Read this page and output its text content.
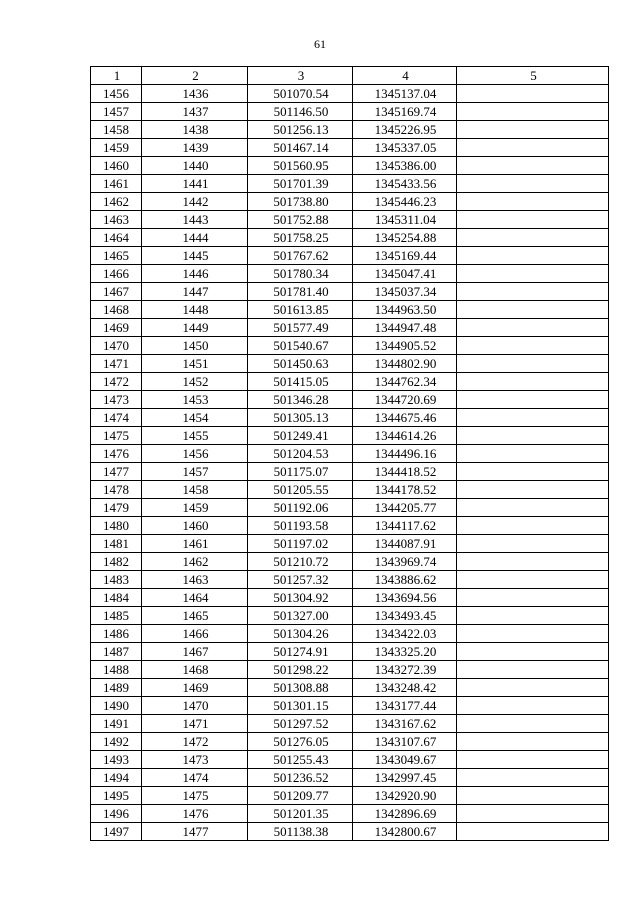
61
1	2	3	4	5
1456	1436	501070.54	1345137.04	
1457	1437	501146.50	1345169.74	
1458	1438	501256.13	1345226.95	
1459	1439	501467.14	1345337.05	
1460	1440	501560.95	1345386.00	
1461	1441	501701.39	1345433.56	
1462	1442	501738.80	1345446.23	
1463	1443	501752.88	1345311.04	
1464	1444	501758.25	1345254.88	
1465	1445	501767.62	1345169.44	
1466	1446	501780.34	1345047.41	
1467	1447	501781.40	1345037.34	
1468	1448	501613.85	1344963.50	
1469	1449	501577.49	1344947.48	
1470	1450	501540.67	1344905.52	
1471	1451	501450.63	1344802.90	
1472	1452	501415.05	1344762.34	
1473	1453	501346.28	1344720.69	
1474	1454	501305.13	1344675.46	
1475	1455	501249.41	1344614.26	
1476	1456	501204.53	1344496.16	
1477	1457	501175.07	1344418.52	
1478	1458	501205.55	1344178.52	
1479	1459	501192.06	1344205.77	
1480	1460	501193.58	1344117.62	
1481	1461	501197.02	1344087.91	
1482	1462	501210.72	1343969.74	
1483	1463	501257.32	1343886.62	
1484	1464	501304.92	1343694.56	
1485	1465	501327.00	1343493.45	
1486	1466	501304.26	1343422.03	
1487	1467	501274.91	1343325.20	
1488	1468	501298.22	1343272.39	
1489	1469	501308.88	1343248.42	
1490	1470	501301.15	1343177.44	
1491	1471	501297.52	1343167.62	
1492	1472	501276.05	1343107.67	
1493	1473	501255.43	1343049.67	
1494	1474	501236.52	1342997.45	
1495	1475	501209.77	1342920.90	
1496	1476	501201.35	1342896.69	
1497	1477	501138.38	1342800.67	
